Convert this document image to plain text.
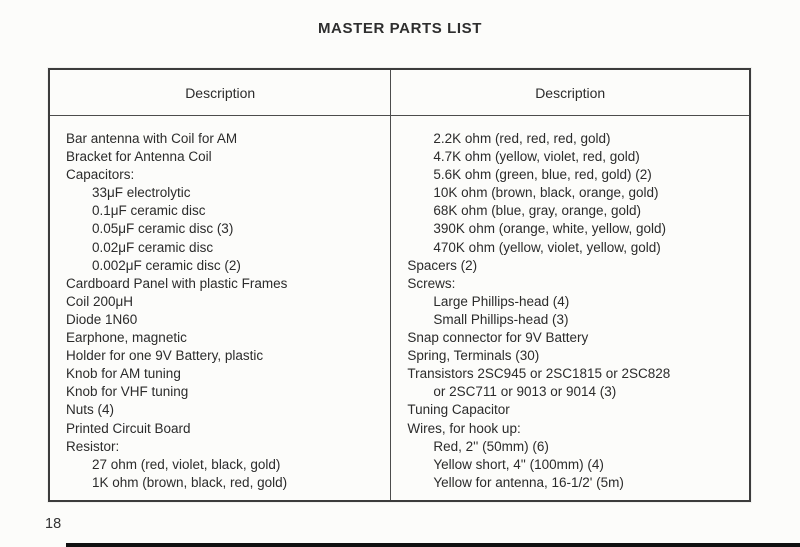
MASTER PARTS LIST
Description	Description
Bar antenna with Coil for AM
Bracket for Antenna Coil
Capacitors:
33μF electrolytic
0.1μF ceramic disc
0.05μF ceramic disc (3)
0.02μF ceramic disc
0.002μF ceramic disc (2)
Cardboard Panel with plastic Frames
Coil 200μH
Diode 1N60
Earphone, magnetic
Holder for one 9V Battery, plastic
Knob for AM tuning
Knob for VHF tuning
Nuts (4)
Printed Circuit Board
Resistor:
27 ohm (red, violet, black, gold)
1K ohm (brown, black, red, gold)
2.2K ohm (red, red, red, gold)
4.7K ohm (yellow, violet, red, gold)
5.6K ohm (green, blue, red, gold) (2)
10K ohm (brown, black, orange, gold)
68K ohm (blue, gray, orange, gold)
390K ohm (orange, white, yellow, gold)
470K ohm (yellow, violet, yellow, gold)
Spacers (2)
Screws:
Large Phillips-head (4)
Small Phillips-head (3)
Snap connector for 9V Battery
Spring, Terminals (30)
Transistors 2SC945 or 2SC1815 or 2SC828
or 2SC711 or 9013 or 9014 (3)
Tuning Capacitor
Wires, for hook up:
Red, 2'' (50mm) (6)
Yellow short, 4'' (100mm) (4)
Yellow for antenna, 16-1/2' (5m)
18
